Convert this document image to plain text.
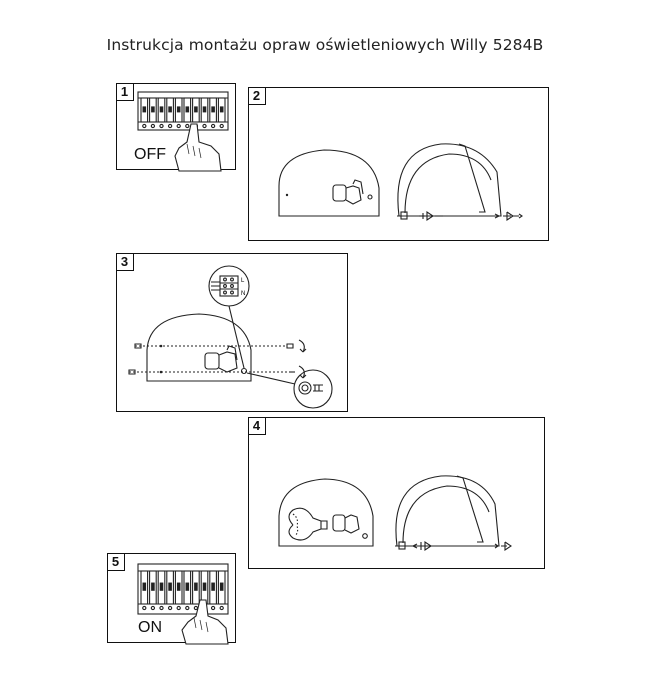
Instrukcja montażu opraw oświetleniowych Willy 5284B
1
OFF
2
3
L
N
4
5
ON
